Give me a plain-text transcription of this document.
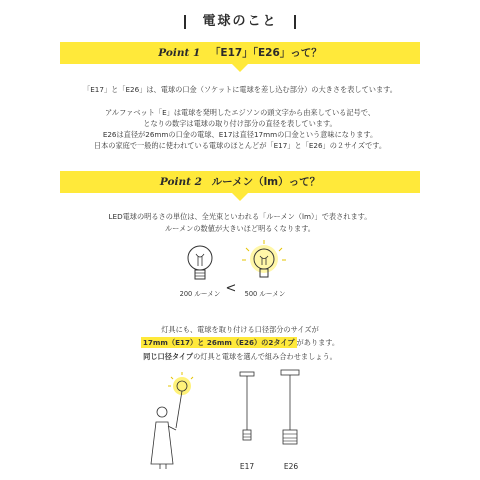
電球のこと
Point 1 「E17」「E26」って？
「E17」と「E26」は、電球の口金（ソケットに電球を差し込む部分）の大きさを表しています。
アルファベット「E」は電球を発明したエジソンの頭文字から由来している記号で、
となりの数字は電球の取り付け部分の直径を表しています。
E26は直径が26mmの口金の電球、E17は直径17mmの口金という意味になります。
日本の家庭で一般的に使われている電球のほとんどが「E17」と「E26」の２サイズです。
Point 2 ルーメン（lm）って？
LED電球の明るさの単位は、全光束といわれる「ルーメン（lm）」で表されます。
ルーメンの数値が大きいほど明るくなります。
200 ルーメン <	500 ルーメン
灯具にも、電球を取り付ける口径部分のサイズが
17mm（E17）と 26mm（E26）の2タイプ があります。
同じ口径タイプの灯具と電球を選んで組み合わせましょう。
E17	E26
